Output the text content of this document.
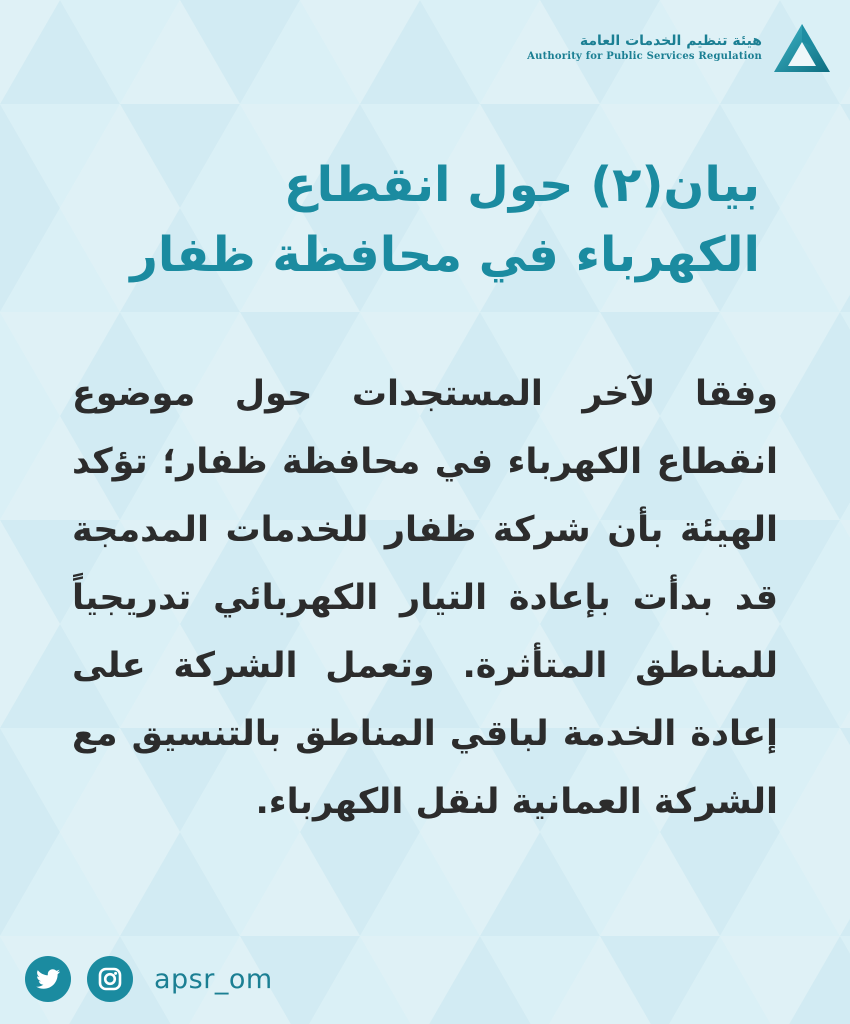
هيئة تنظيم الخدمات العامة
Authority for Public Services Regulation
بيان(٢) حول انقطاع
الكهرباء في محافظة ظفار
وفقا لآخر المستجدات حول موضوع انقطاع الكهرباء في محافظة ظفار؛ تؤكد الهيئة بأن شركة ظفار للخدمات المدمجة قد بدأت بإعادة التيار الكهربائي تدريجياً للمناطق المتأثرة. وتعمل الشركة على إعادة الخدمة لباقي المناطق بالتنسيق مع الشركة العمانية لنقل الكهرباء.
apsr_om
